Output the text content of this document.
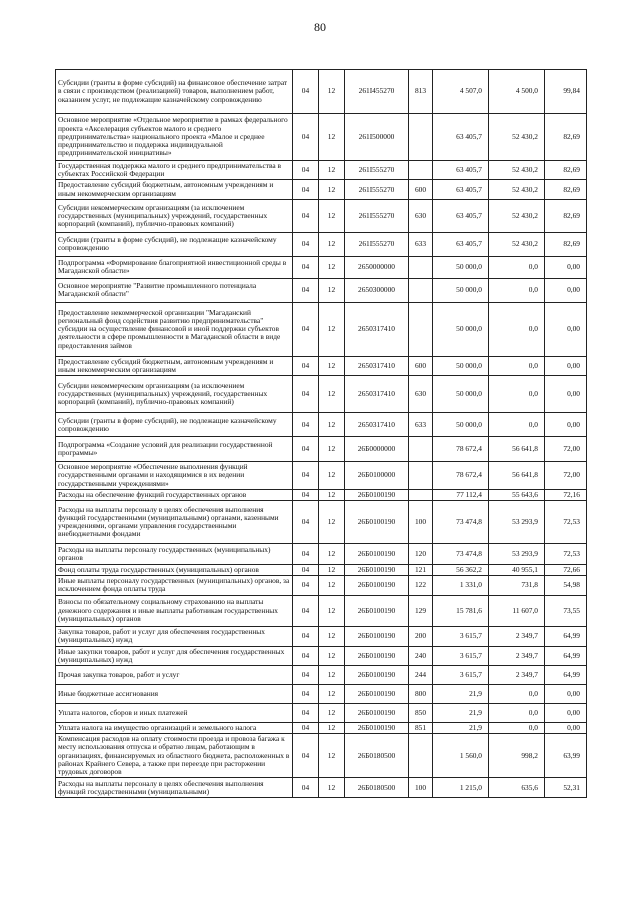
80
Субсидии (гранты в форме субсидий) на финансовое обеспечение затрат в связи с производством (реализацией) товаров, выполнением работ, оказанием услуг, не подлежащие казначейскому сопровождению	04	12	261I455270	813	4 507,0	4 500,0	99,84
Основное мероприятие «Отдельное мероприятие в рамках федерального проекта «Акселерация субъектов малого и среднего предпринимательства» национального проекта «Малое и среднее предпринимательство и поддержка индивидуальной предпринимательской инициативы»	04	12	261I500000		63 405,7	52 430,2	82,69
Государственная поддержка малого и среднего предпринимательства в субъектах Российской Федерации	04	12	261I555270		63 405,7	52 430,2	82,69
Предоставление субсидий бюджетным, автономным учреждениям и иным некоммерческим организациям	04	12	261I555270	600	63 405,7	52 430,2	82,69
Субсидии некоммерческим организациям (за исключением государственных (муниципальных) учреждений, государственных корпораций (компаний), публично-правовых компаний)	04	12	261I555270	630	63 405,7	52 430,2	82,69
Субсидии (гранты в форме субсидий), не подлежащие казначейскому сопровождению	04	12	261I555270	633	63 405,7	52 430,2	82,69
Подпрограмма «Формирование благоприятной инвестиционной среды в Магаданской области»	04	12	2650000000		50 000,0	0,0	0,00
Основное мероприятие "Развитие промышленного потенциала Магаданской области"	04	12	2650300000		50 000,0	0,0	0,00
Предоставление некоммерческой организации "Магаданский региональный фонд содействия развитию предпринимательства" субсидии на осуществление финансовой и иной поддержки субъектов деятельности в сфере промышленности в Магаданской области в виде предоставления займов	04	12	2650317410		50 000,0	0,0	0,00
Предоставление субсидий бюджетным, автономным учреждениям и иным некоммерческим организациям	04	12	2650317410	600	50 000,0	0,0	0,00
Субсидии некоммерческим организациям (за исключением государственных (муниципальных) учреждений, государственных корпораций (компаний), публично-правовых компаний)	04	12	2650317410	630	50 000,0	0,0	0,00
Субсидии (гранты в форме субсидий), не подлежащие казначейскому сопровождению	04	12	2650317410	633	50 000,0	0,0	0,00
Подпрограмма «Создание условий для реализации государственной программы»	04	12	26Б0000000		78 672,4	56 641,8	72,00
Основное мероприятие «Обеспечение выполнения функций государственными органами и находящимися в их ведении государственными учреждениями»	04	12	26Б0100000		78 672,4	56 641,8	72,00
Расходы на обеспечение функций государственных органов	04	12	26Б0100190		77 112,4	55 643,6	72,16
Расходы на выплаты персоналу в целях обеспечения выполнения функций государственными (муниципальными) органами, казенными учреждениями, органами управления государственными внебюджетными фондами	04	12	26Б0100190	100	73 474,8	53 293,9	72,53
Расходы на выплаты персоналу государственных (муниципальных) органов	04	12	26Б0100190	120	73 474,8	53 293,9	72,53
Фонд оплаты труда государственных (муниципальных) органов	04	12	26Б0100190	121	56 362,2	40 955,1	72,66
Иные выплаты персоналу государственных (муниципальных) органов, за исключением фонда оплаты труда	04	12	26Б0100190	122	1 331,0	731,8	54,98
Взносы по обязательному социальному страхованию на выплаты денежного содержания и иные выплаты работникам государственных (муниципальных) органов	04	12	26Б0100190	129	15 781,6	11 607,0	73,55
Закупка товаров, работ и услуг для обеспечения государственных (муниципальных) нужд	04	12	26Б0100190	200	3 615,7	2 349,7	64,99
Иные закупки товаров, работ и услуг для обеспечения государственных (муниципальных) нужд	04	12	26Б0100190	240	3 615,7	2 349,7	64,99
Прочая закупка товаров, работ и услуг	04	12	26Б0100190	244	3 615,7	2 349,7	64,99
Иные бюджетные ассигнования	04	12	26Б0100190	800	21,9	0,0	0,00
Уплата налогов, сборов и иных платежей	04	12	26Б0100190	850	21,9	0,0	0,00
Уплата налога на имущество организаций и земельного налога	04	12	26Б0100190	851	21,9	0,0	0,00
Компенсация расходов на оплату стоимости проезда и провоза багажа к месту использования отпуска и обратно лицам, работающим в организациях, финансируемых из областного бюджета, расположенных в районах Крайнего Севера, а также при переезде при расторжении трудовых договоров	04	12	26Б0180500		1 560,0	998,2	63,99
Расходы на выплаты персоналу в целях обеспечения выполнения функций государственными (муниципальными)	04	12	26Б0180500	100	1 215,0	635,6	52,31
